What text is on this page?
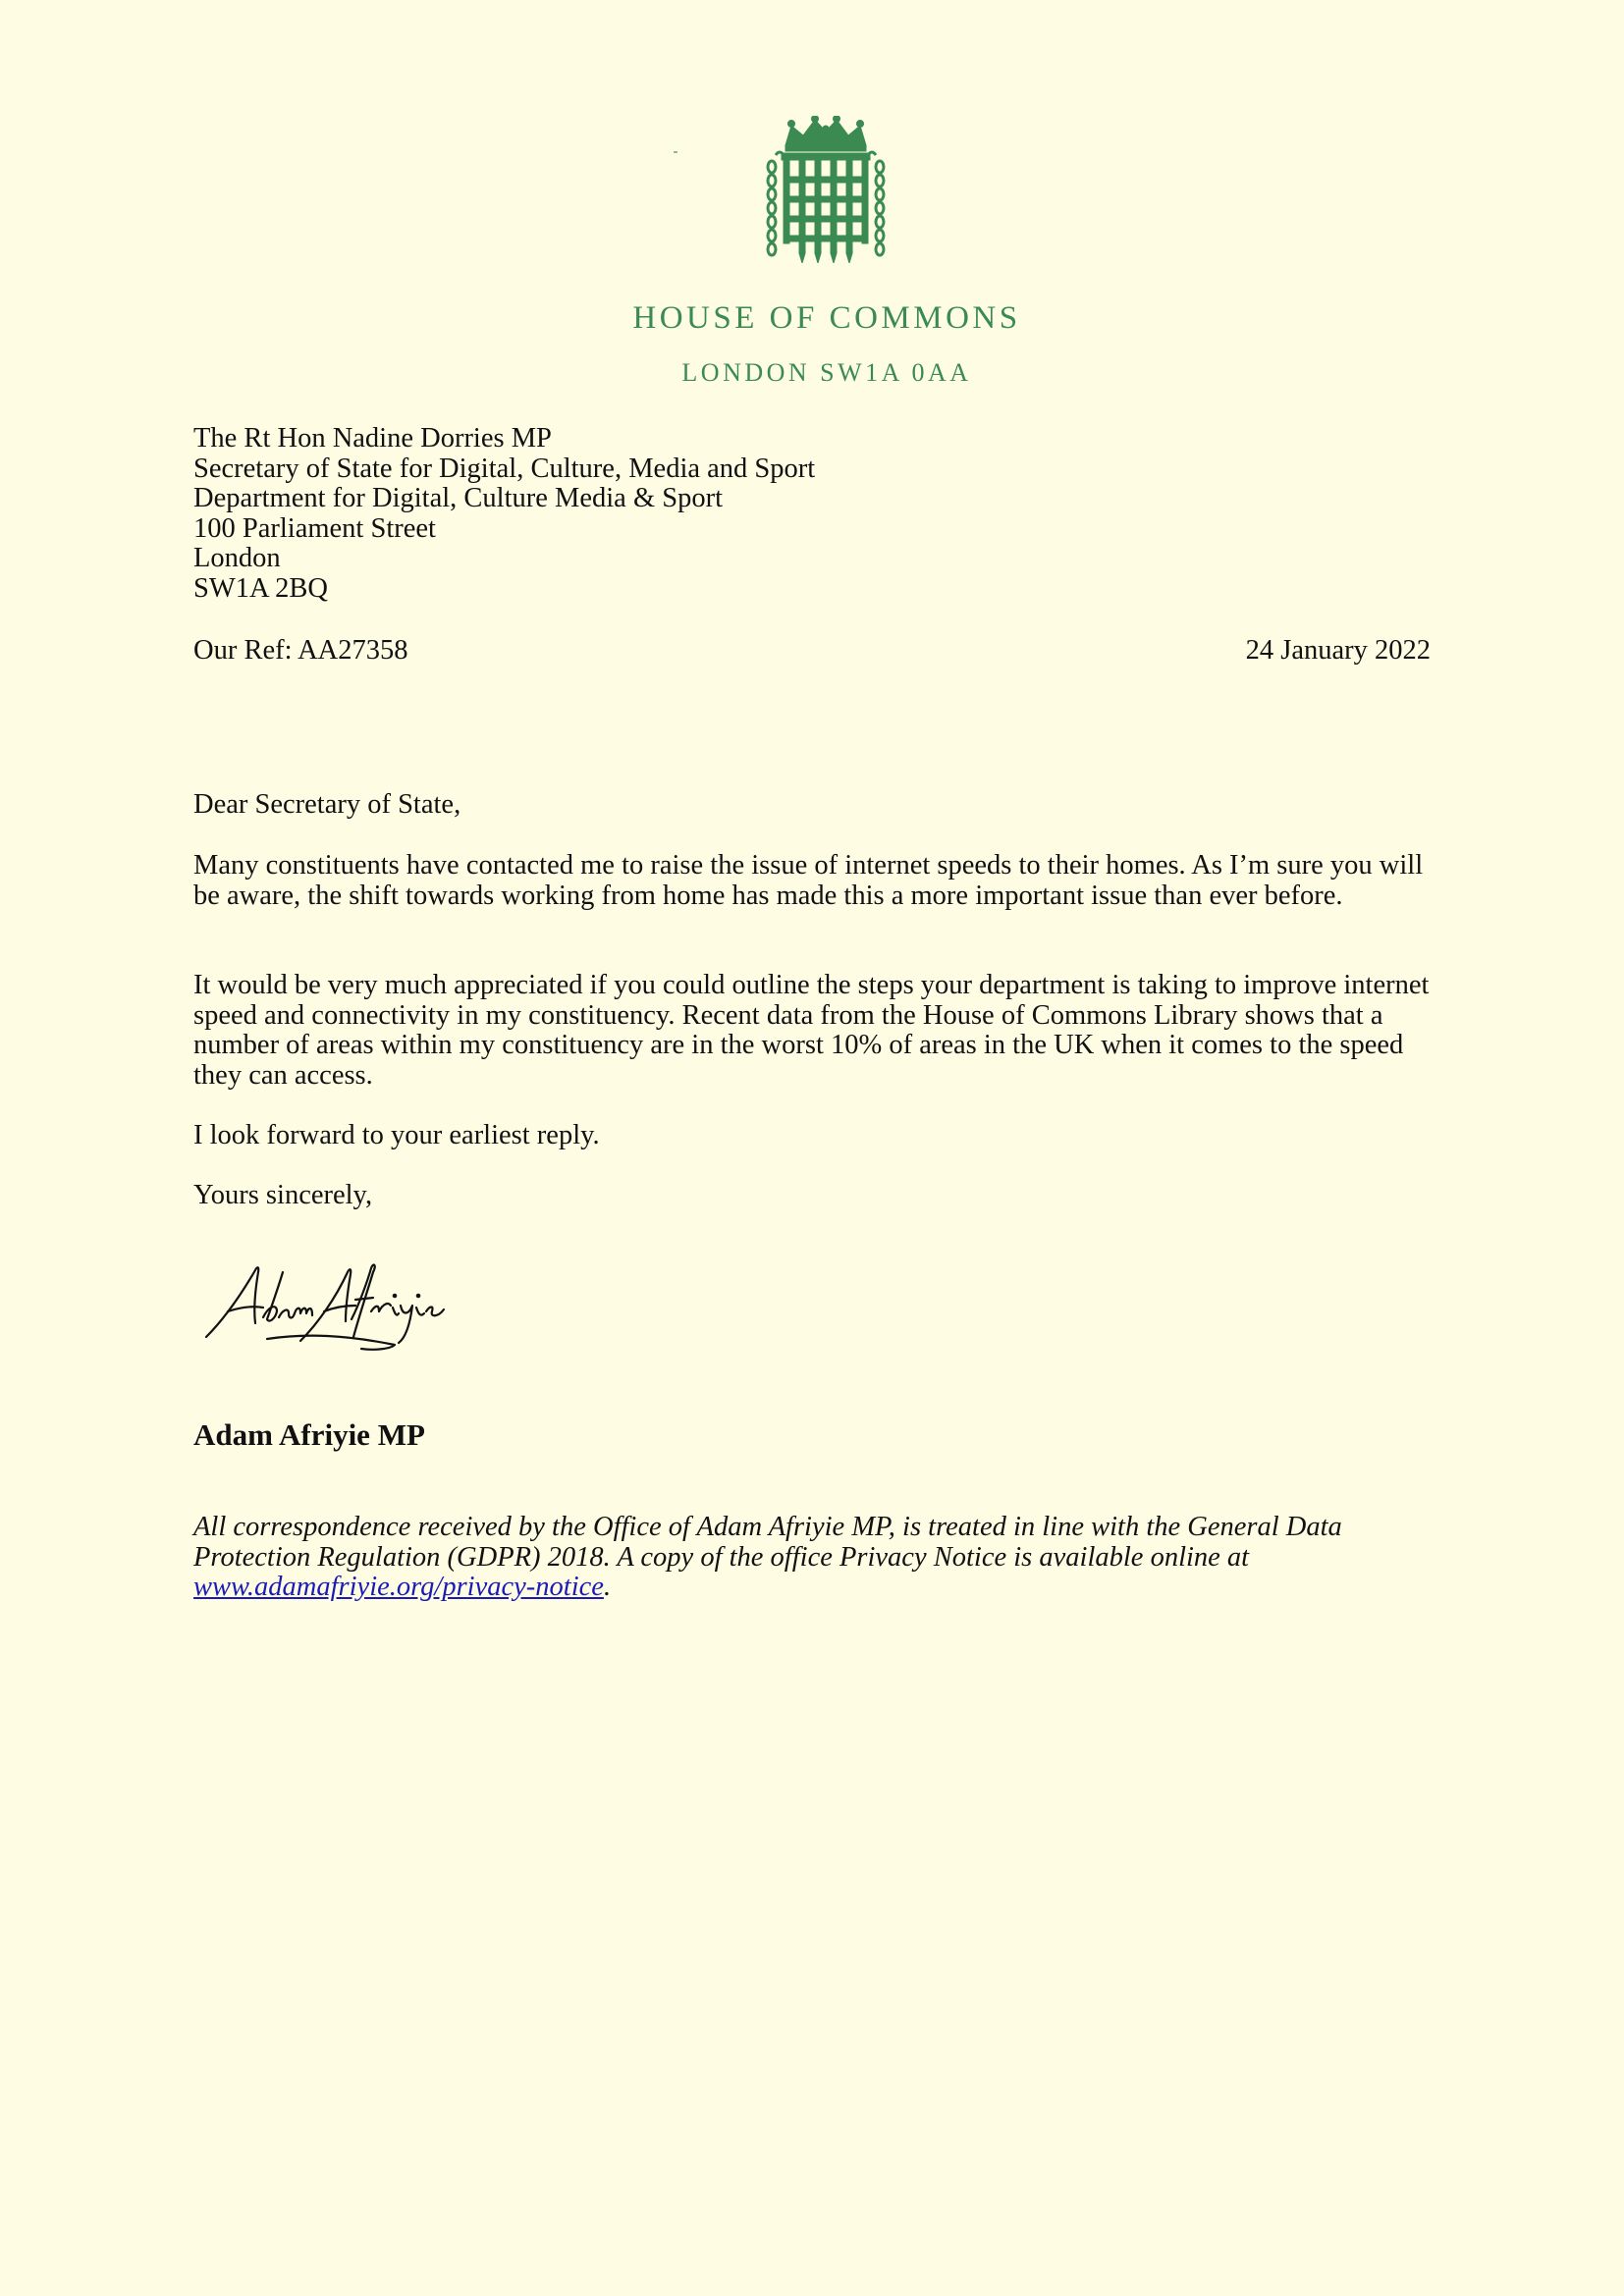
HOUSE OF COMMONS
LONDON SW1A 0AA
The Rt Hon Nadine Dorries MP
Secretary of State for Digital, Culture, Media and Sport
Department for Digital, Culture Media & Sport
100 Parliament Street
London
SW1A 2BQ
Our Ref: AA27358	24 January 2022
Dear Secretary of State,
Many constituents have contacted me to raise the issue of internet speeds to their homes. As I’m sure you will be aware, the shift towards working from home has made this a more important issue than ever before.
It would be very much appreciated if you could outline the steps your department is taking to improve internet speed and connectivity in my constituency. Recent data from the House of Commons Library shows that a number of areas within my constituency are in the worst 10% of areas in the UK when it comes to the speed they can access.
I look forward to your earliest reply.
Yours sincerely,
Adam Afriyie MP
All correspondence received by the Office of Adam Afriyie MP, is treated in line with the General Data Protection Regulation (GDPR) 2018. A copy of the office Privacy Notice is available online at www.adamafriyie.org/privacy-notice.
